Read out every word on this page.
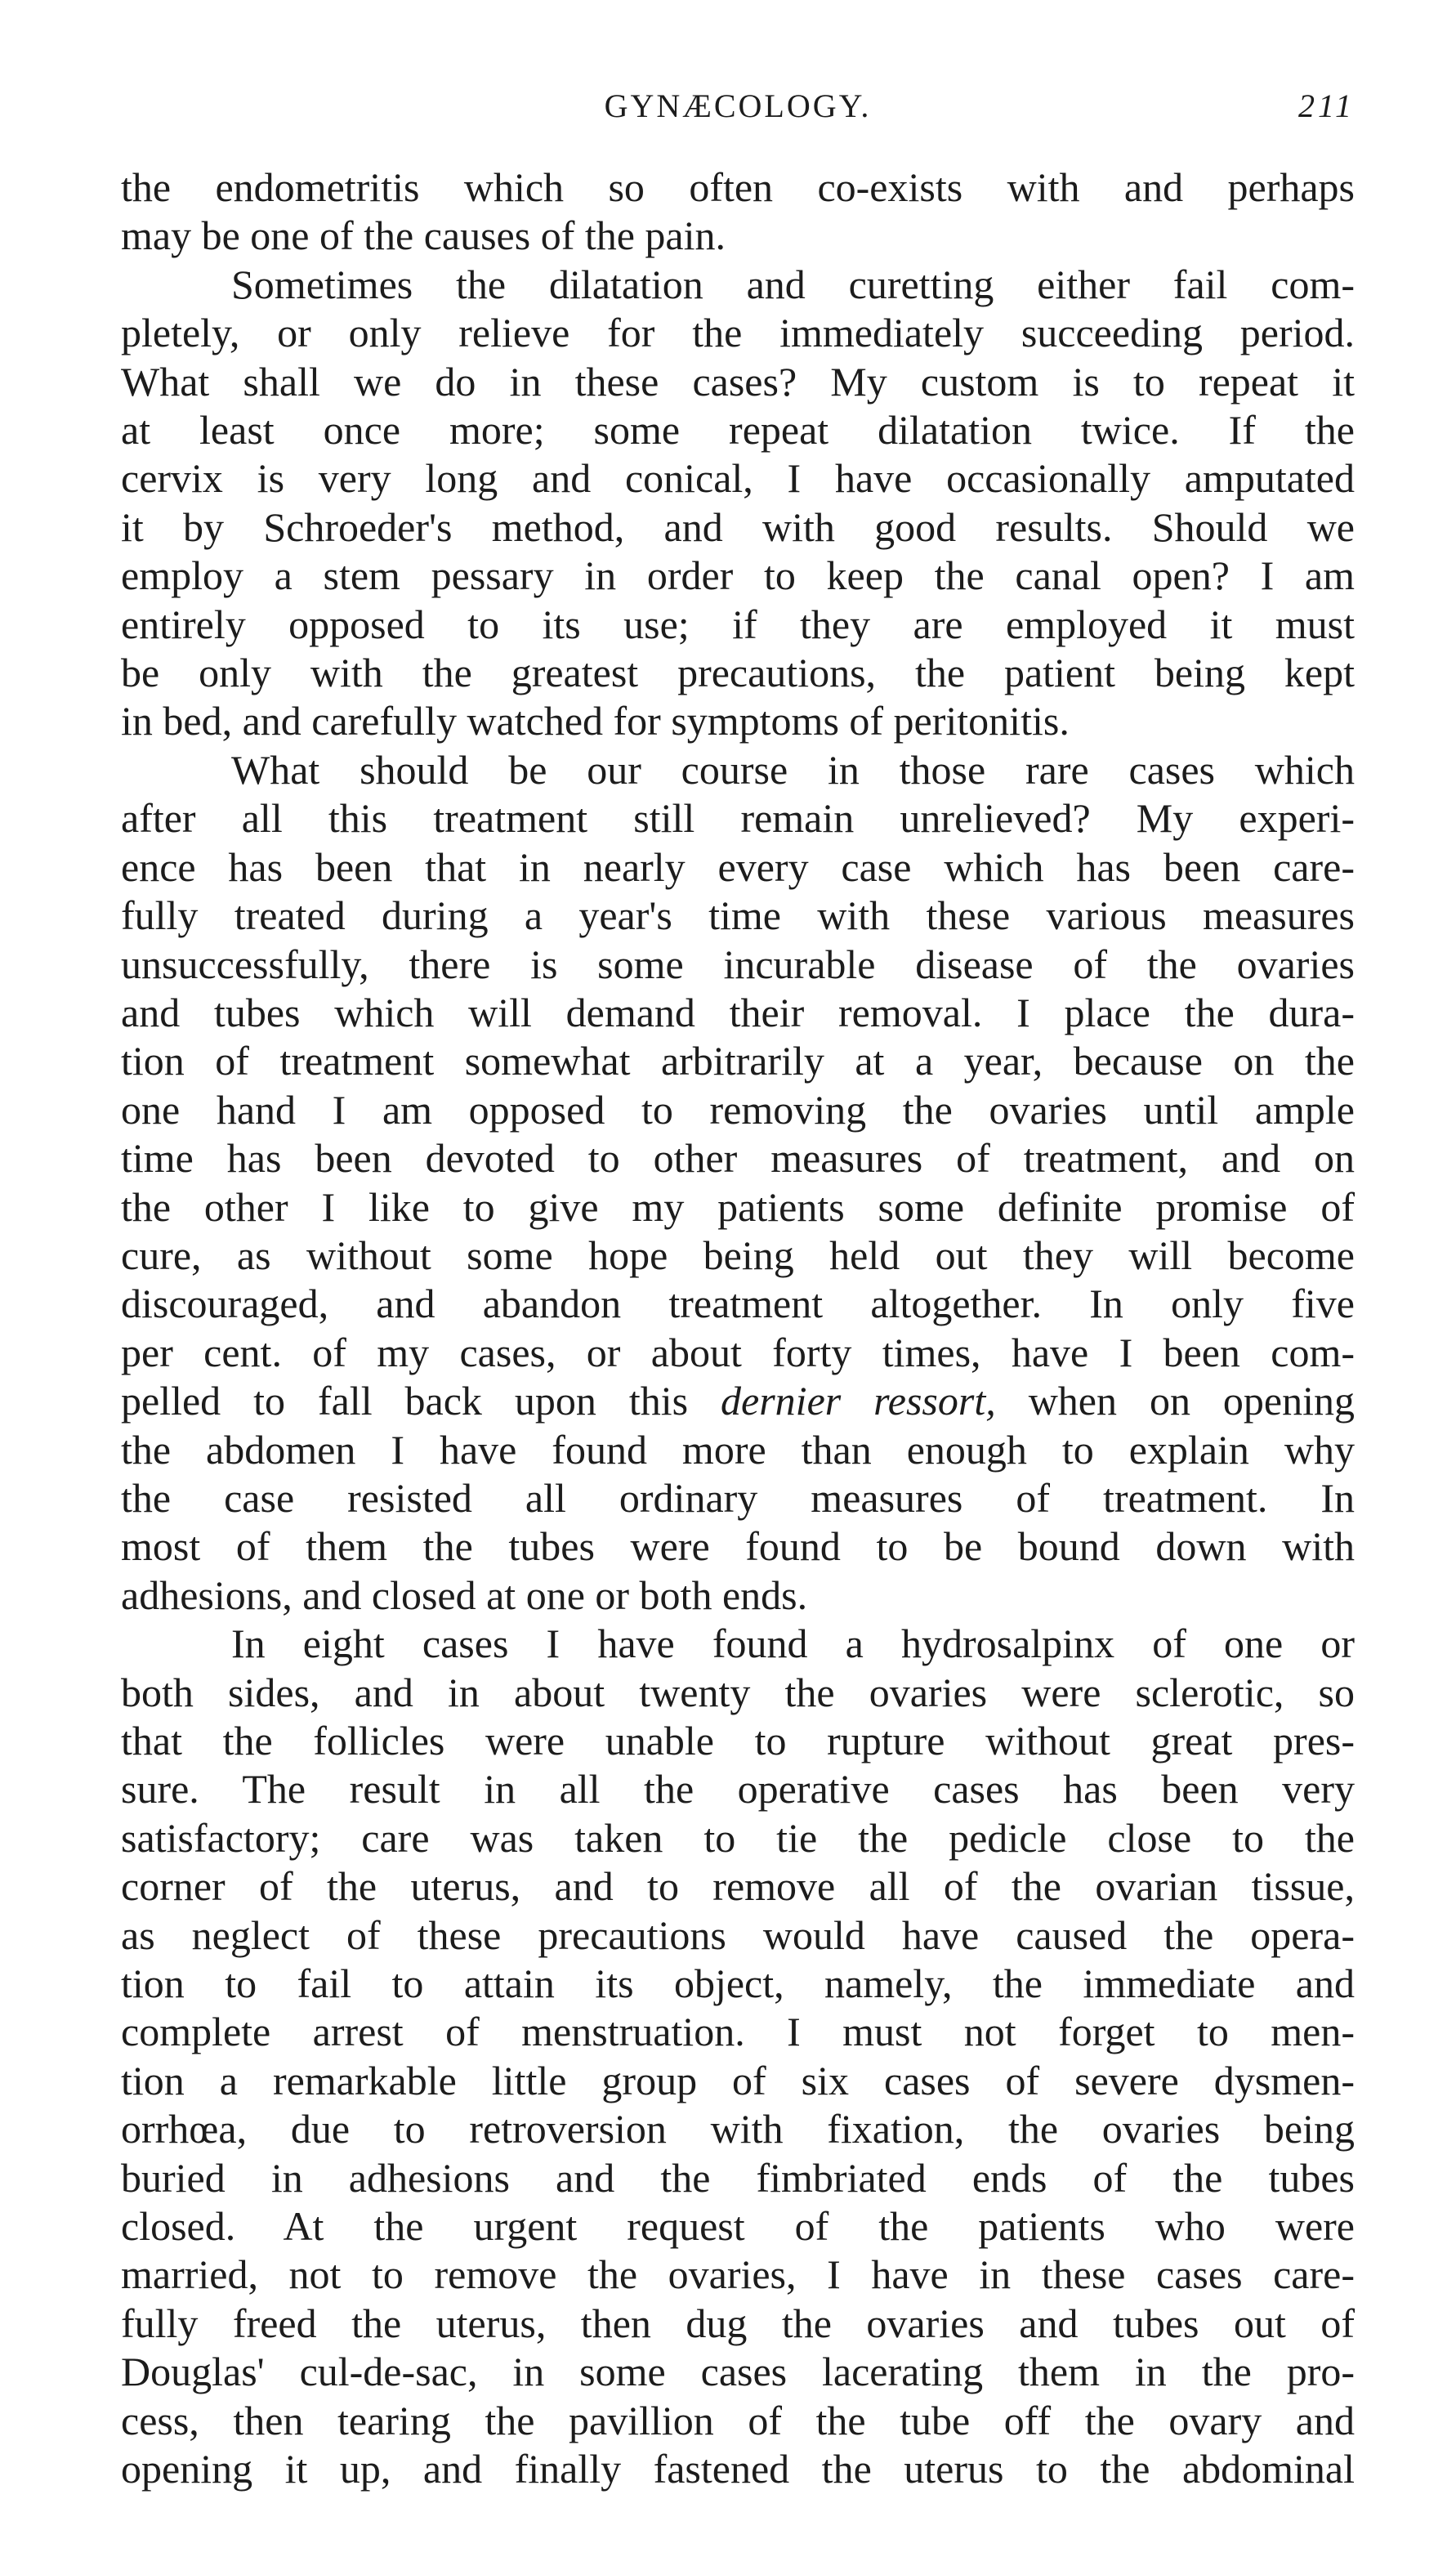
GYNÆCOLOGY.	211

the endometritis which so often co-exists with and perhaps
may be one of the causes of the pain.

Sometimes the dilatation and curetting either fail com-
pletely, or only relieve for the immediately succeeding period.
What shall we do in these cases? My custom is to repeat it
at least once more; some repeat dilatation twice. If the
cervix is very long and conical, I have occasionally amputated
it by Schroeder's method, and with good results. Should we
employ a stem pessary in order to keep the canal open? I am
entirely opposed to its use; if they are employed it must
be only with the greatest precautions, the patient being kept
in bed, and carefully watched for symptoms of peritonitis.

What should be our course in those rare cases which
after all this treatment still remain unrelieved? My experi-
ence has been that in nearly every case which has been care-
fully treated during a year's time with these various measures
unsuccessfully, there is some incurable disease of the ovaries
and tubes which will demand their removal. I place the dura-
tion of treatment somewhat arbitrarily at a year, because on the
one hand I am opposed to removing the ovaries until ample
time has been devoted to other measures of treatment, and on
the other I like to give my patients some definite promise of
cure, as without some hope being held out they will become
discouraged, and abandon treatment altogether. In only five
per cent. of my cases, or about forty times, have I been com-
pelled to fall back upon this dernier ressort, when on opening
the abdomen I have found more than enough to explain why
the case resisted all ordinary measures of treatment. In
most of them the tubes were found to be bound down with
adhesions, and closed at one or both ends.

In eight cases I have found a hydrosalpinx of one or
both sides, and in about twenty the ovaries were sclerotic, so
that the follicles were unable to rupture without great pres-
sure. The result in all the operative cases has been very
satisfactory; care was taken to tie the pedicle close to the
corner of the uterus, and to remove all of the ovarian tissue,
as neglect of these precautions would have caused the opera-
tion to fail to attain its object, namely, the immediate and
complete arrest of menstruation. I must not forget to men-
tion a remarkable little group of six cases of severe dysmen-
orrhœa, due to retroversion with fixation, the ovaries being
buried in adhesions and the fimbriated ends of the tubes
closed. At the urgent request of the patients who were
married, not to remove the ovaries, I have in these cases care-
fully freed the uterus, then dug the ovaries and tubes out of
Douglas' cul-de-sac, in some cases lacerating them in the pro-
cess, then tearing the pavillion of the tube off the ovary and
opening it up, and finally fastened the uterus to the abdominal
